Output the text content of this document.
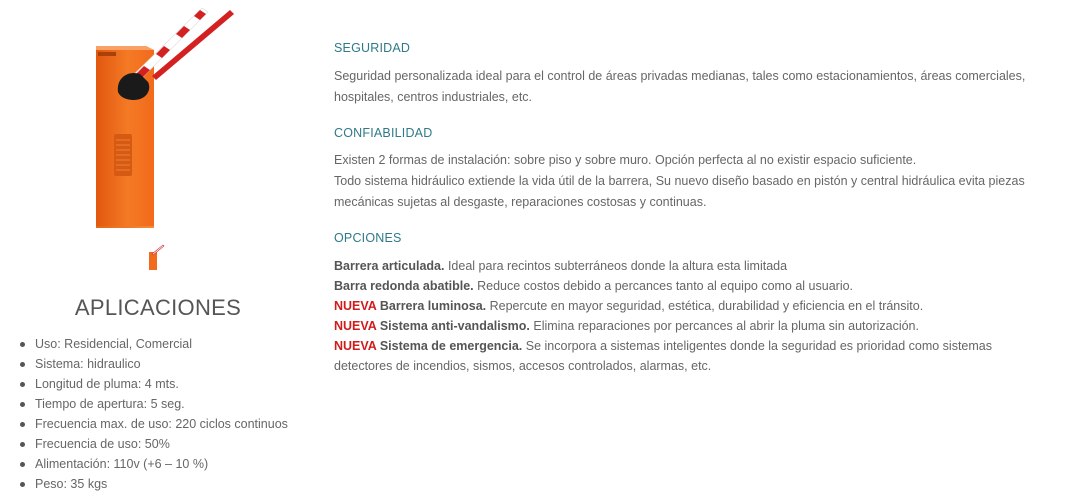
APLICACIONES
Uso: Residencial, Comercial
Sistema: hidraulico
Longitud de pluma: 4 mts.
Tiempo de apertura: 5 seg.
Frecuencia max. de uso: 220 ciclos continuos
Frecuencia de uso: 50%
Alimentación: 110v (+6 – 10 %)
Peso: 35 kgs
SEGURIDAD
Seguridad personalizada ideal para el control de áreas privadas medianas, tales como estacionamientos, áreas comerciales,
hospitales, centros industriales, etc.
CONFIABILIDAD
Existen 2 formas de instalación: sobre piso y sobre muro. Opción perfecta al no existir espacio suficiente.
Todo sistema hidráulico extiende la vida útil de la barrera, Su nuevo diseño basado en pistón y central hidráulica evita piezas
mecánicas sujetas al desgaste, reparaciones costosas y continuas.
OPCIONES
Barrera articulada. Ideal para recintos subterráneos donde la altura esta limitada
Barra redonda abatible. Reduce costos debido a percances tanto al equipo como al usuario.
NUEVA Barrera luminosa. Repercute en mayor seguridad, estética, durabilidad y eficiencia en el tránsito.
NUEVA Sistema anti-vandalismo. Elimina reparaciones por percances al abrir la pluma sin autorización.
NUEVA Sistema de emergencia. Se incorpora a sistemas inteligentes donde la seguridad es prioridad como sistemas
detectores de incendios, sismos, accesos controlados, alarmas, etc.
